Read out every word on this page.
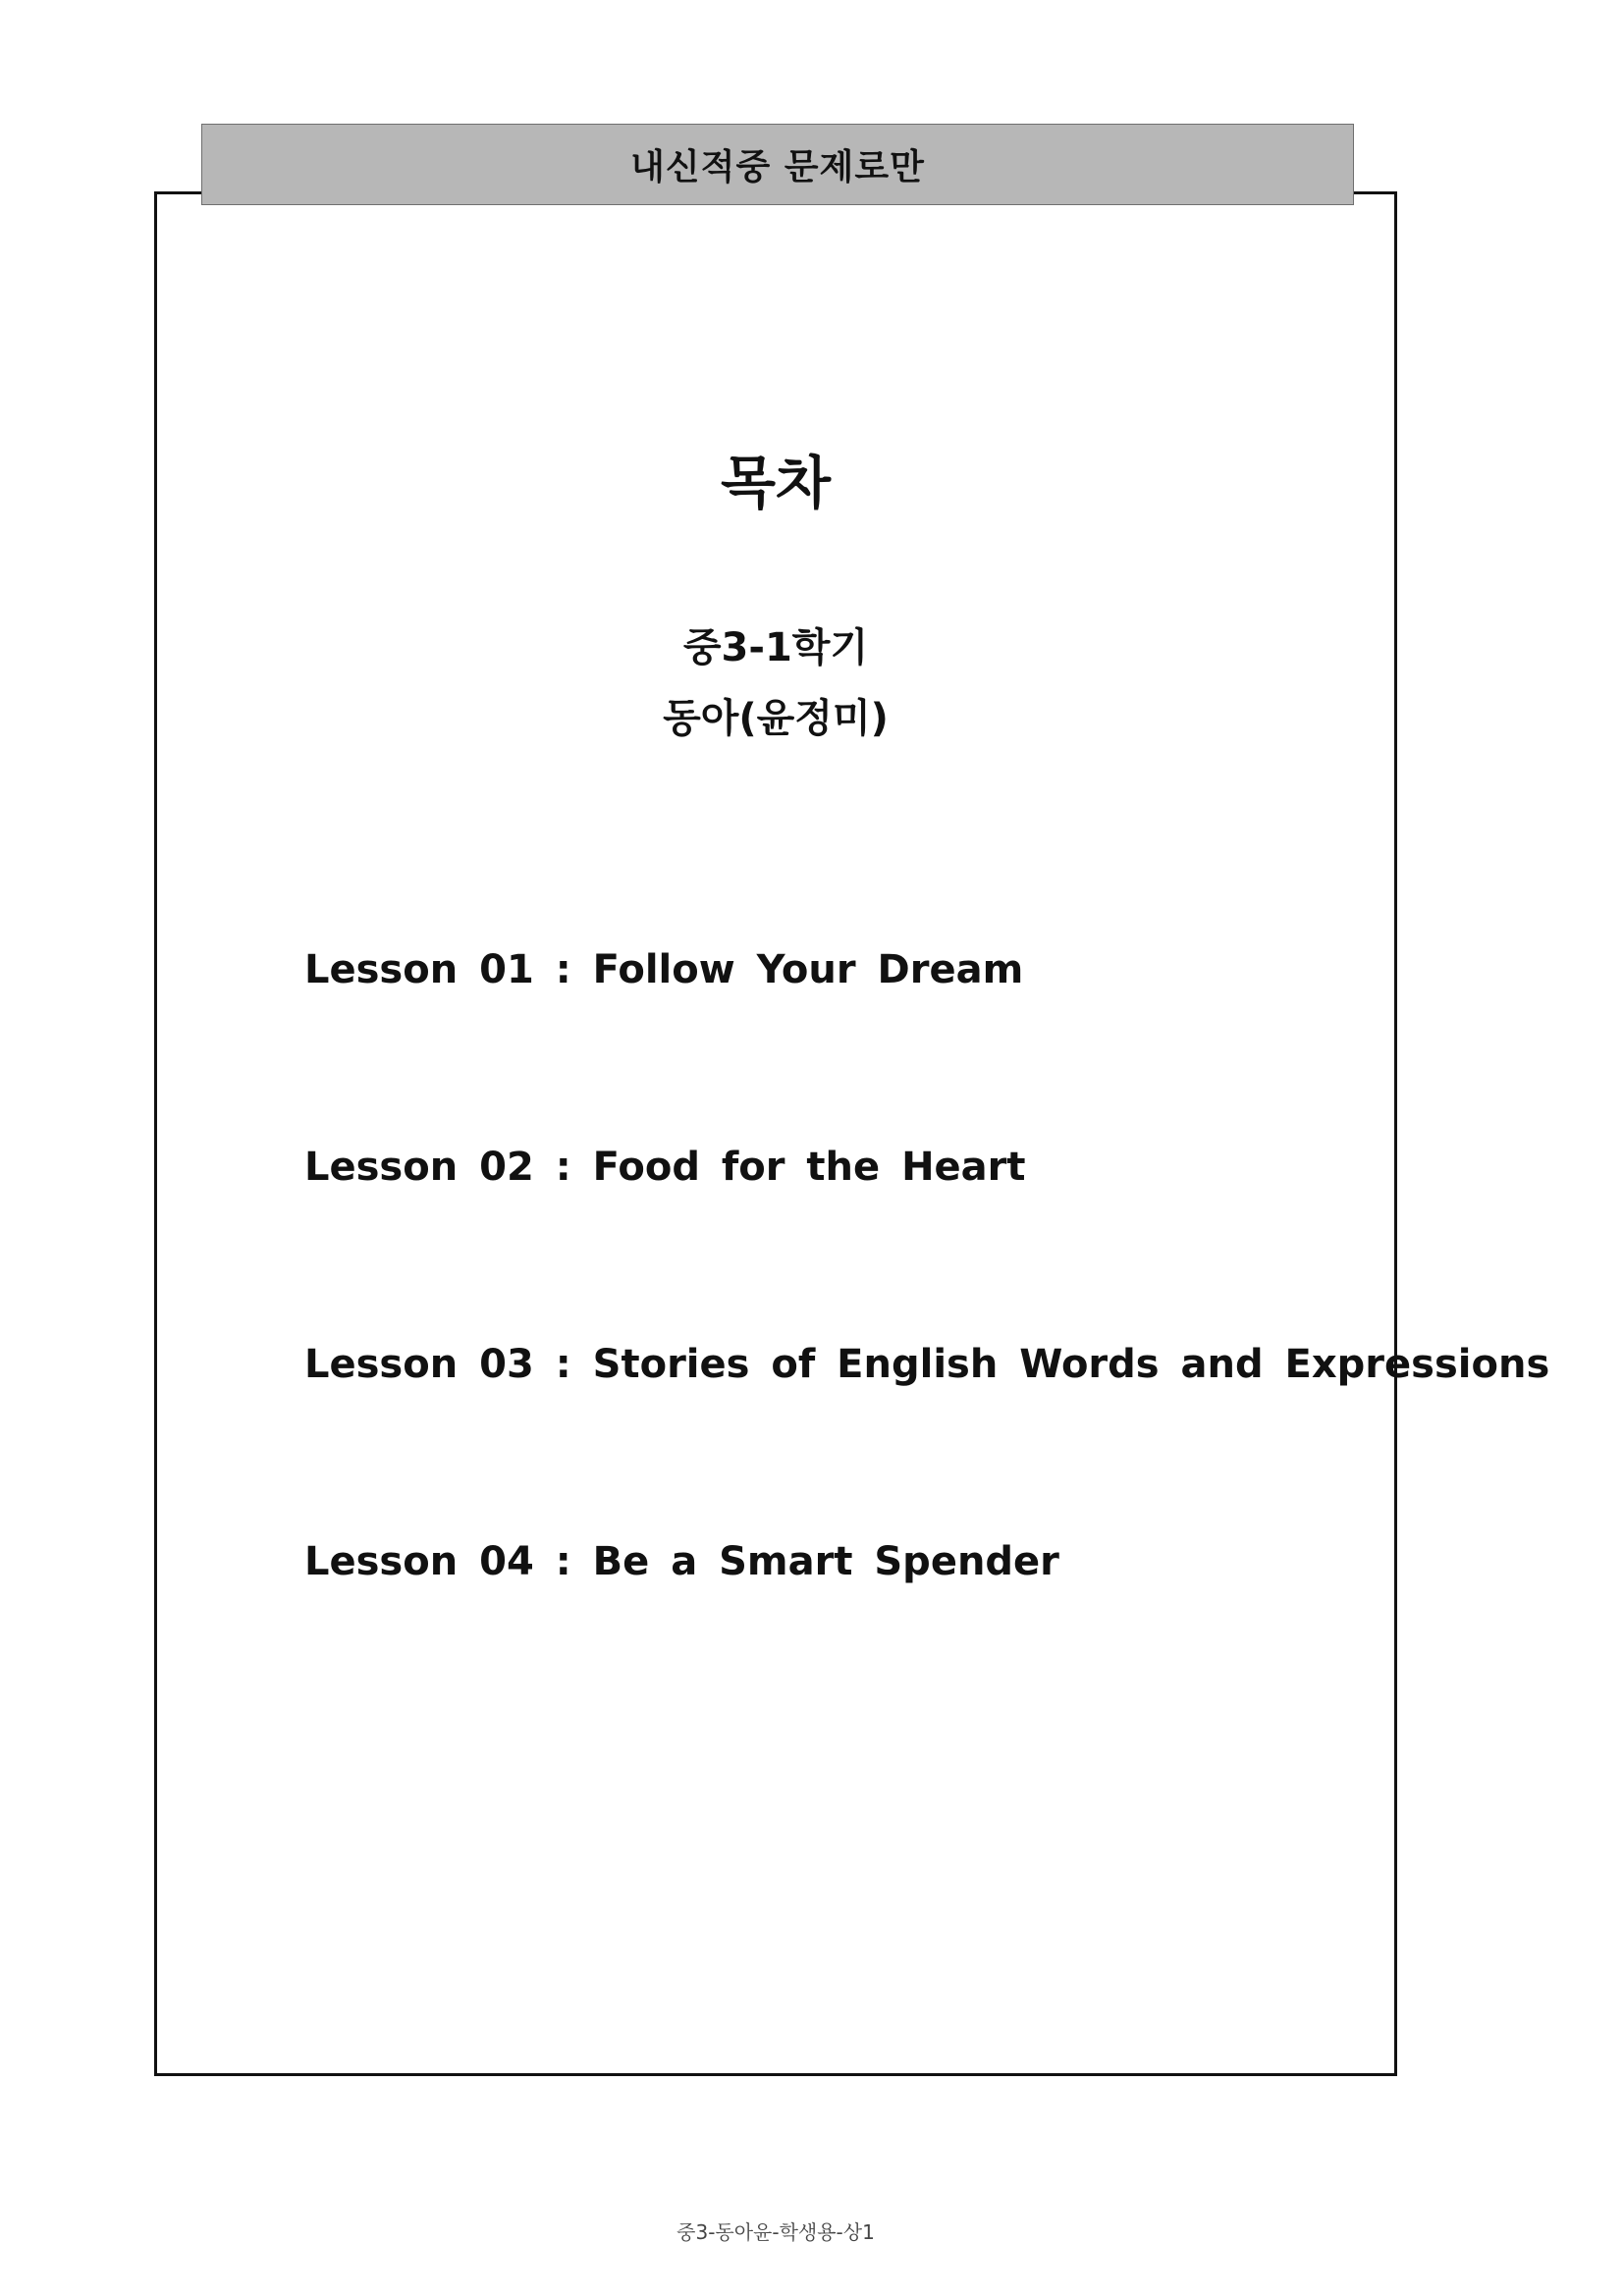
내신적중 문제로만
목차
중3-1학기
동아(윤정미)
Lesson 01 : Follow Your Dream
Lesson 02 : Food for the Heart
Lesson 03 : Stories of English Words and Expressions
Lesson 04 : Be a Smart Spender
중3-동아윤-학생용-상1
